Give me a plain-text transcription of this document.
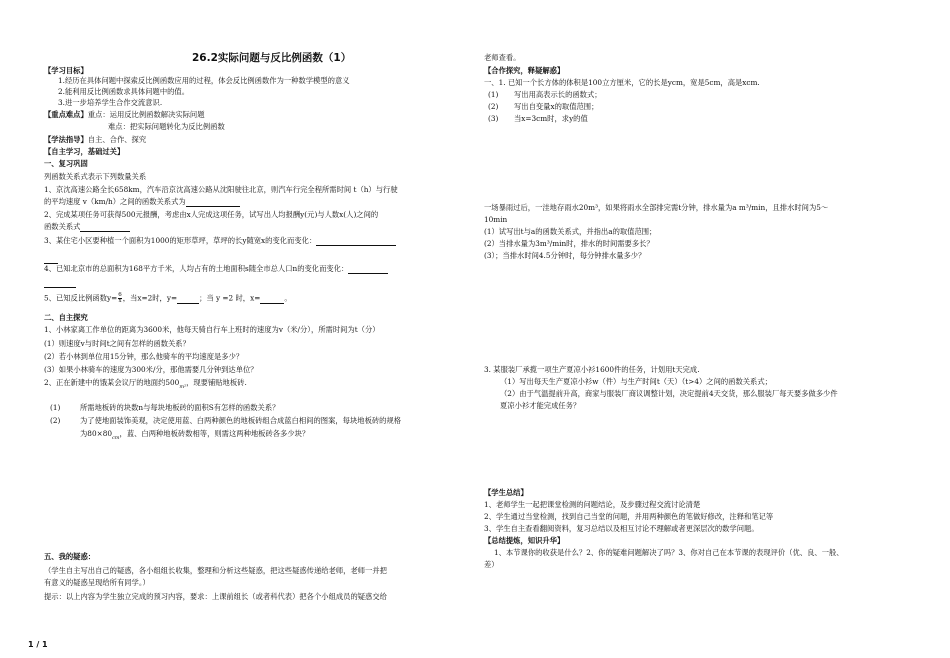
26.2实际问题与反比例函数（1）
【学习目标】
1.经历在具体问题中探索反比例函数应用的过程，体会反比例函数作为一种数学模型的意义
2.能利用反比例函数求具体问题中的值。
3.进一步培养学生合作交流意识.
【重点难点】重点：运用反比例函数解决实际问题
难点：把实际问题转化为反比例函数
【学法指导】自主、合作、探究
【自主学习，基础过关】
一、复习巩固
列函数关系式表示下列数量关系
1、京沈高速公路全长658km，汽车沿京沈高速公路从沈阳驶往北京，则汽车行完全程所需时间 t（h）与行驶
的平均速度 v（km/h）之间的函数关系式为
2、完成某项任务可获得500元报酬，考虑由x人完成这项任务，试写出人均报酬y(元)与人数x(人)之间的
函数关系式
3、某住宅小区要种植一个面积为1000的矩形草坪，草坪的长y随宽x的变化而变化：
4、已知北京市的总面积为168平方千米，人均占有的土地面积s随全市总人口n的变化而变化：
5、已知反比例函数$y= \frac{6}{x}$ ，当x=2时，y=	；当 y =2 时，x=	。
二、自主探究
1、小林家离工作单位的距离为3600米，他每天骑自行车上班时的速度为v（米/分），所需时间为t（分）
(1）则速度v与时间t之间有怎样的函数关系？
(2）若小林到单位用15分钟，那么他骑车的平均速度是多少？
(3）如果小林骑车的速度为300米/分，那他需要几分钟到达单位？
2、正在新建中的饿某会议厅的地面约$500_{m^2}$，现要铺贴地板砖.
(1)	所需地板砖的块数n与每块地板砖的面积S有怎样的函数关系？
(2)	为了使地面装饰美观，决定使用蓝、白两种颜色的地板砖组合成蓝白相间的图案，每块地板砖的规格
为$80\times 80_{cm}$，蓝、白两种地板砖数相等，则需这两种地板砖各多少块？
五、我的疑惑：
（学生自主写出自己的疑惑，各小组组长收集，整理和分析这些疑惑，把这些疑惑传递给老师，老师一并把
有意义的疑惑呈现给所有同学。）
提示：以上内容为学生独立完成的预习内容，要求：上课前组长（或者科代表）把各个小组成员的疑惑交给
老师查看。
【合作探究，释疑解惑】
一、1. 已知一个长方体的体积是100立方厘米，它的长是ycm，宽是5cm，高是xcm.
(1) 写出用高表示长的函数式；
(2) 写出自变量x的取值范围；
(3) 当x=3cm时，求y的值
一场暴雨过后，一洼地存雨水20m³，如果将雨水全部排完需t分钟，排水量为a m³/min，且排水时间为5～
10min
(1）试写出t与a的函数关系式，并指出a的取值范围；
(2）当排水量为3m³/min时，排水的时间需要多长？
(3）；当排水时间4.5分钟时，每分钟排水量多少？
3. 某服装厂承揽一项生产夏凉小衫1600件的任务，计划用t天完成.
（1）写出每天生产夏凉小衫w（件）与生产时间t（天）（t>4）之间的函数关系式；
（2）由于气温提前升高，商家与服装厂商议调整计划，决定提前4天交货，那么服装厂每天要多做多少件
夏凉小衫才能完成任务？
【学生总结】
1、老师学生一起把课堂检测的问题结论，及步骤过程交流讨论清楚
2、学生通过当堂检测，找到自己当堂的问题，并用两种颜色的笔做好修改，注释和笔记等
3、学生自主查看翻阅资料，复习总结以及相互讨论不理解或者更深层次的数学问题。
【总结提炼，知识升华】
1、本节课你的收获是什么？2、你的疑难问题解决了吗？3、你对自己在本节课的表现评价（优、良、一般、
差）
1 / 1
